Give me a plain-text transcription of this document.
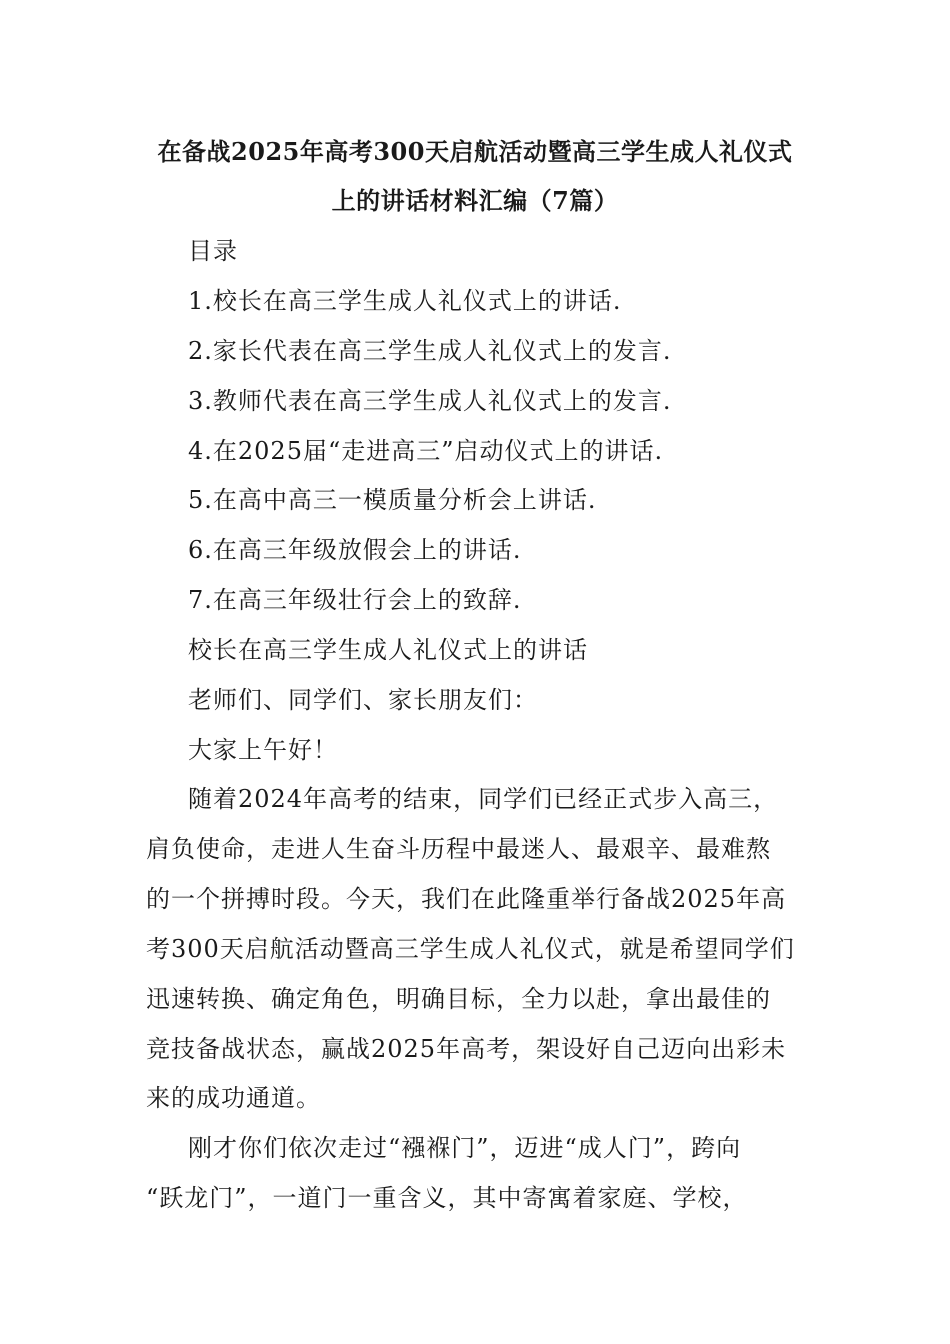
在备战2025年高考300天启航活动暨高三学生成人礼仪式
上的讲话材料汇编（7篇）
目录
1.校长在高三学生成人礼仪式上的讲话.
2.家长代表在高三学生成人礼仪式上的发言.
3.教师代表在高三学生成人礼仪式上的发言.
4.在2025届“走进高三”启动仪式上的讲话.
5.在高中高三一模质量分析会上讲话.
6.在高三年级放假会上的讲话.
7.在高三年级壮行会上的致辞.
校长在高三学生成人礼仪式上的讲话
老师们、同学们、家长朋友们：
大家上午好！
随着2024年高考的结束，同学们已经正式步入高三，
肩负使命，走进人生奋斗历程中最迷人、最艰辛、最难熬
的一个拼搏时段。今天，我们在此隆重举行备战2025年高
考300天启航活动暨高三学生成人礼仪式，就是希望同学们
迅速转换、确定角色，明确目标，全力以赴，拿出最佳的
竞技备战状态，赢战2025年高考，架设好自己迈向出彩未
来的成功通道。
刚才你们依次走过“襁褓门”，迈进“成人门”，跨向
“跃龙门”，一道门一重含义，其中寄寓着家庭、学校，
